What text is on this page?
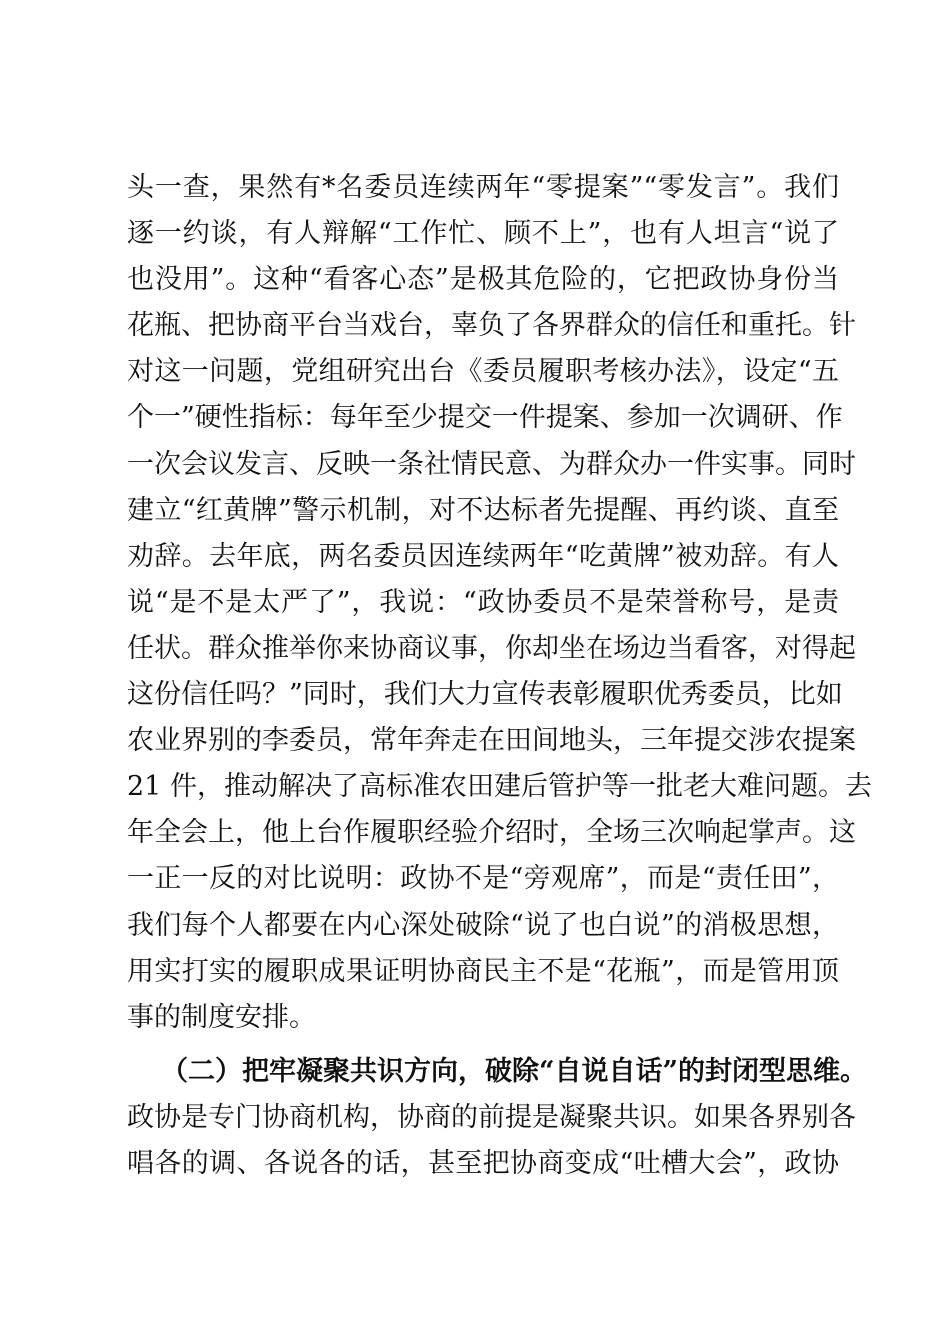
头一查，果然有*名委员连续两年“零提案”“零发言”。我们
逐一约谈，有人辩解“工作忙、顾不上”，也有人坦言“说了
也没用”。这种“看客心态”是极其危险的，它把政协身份当
花瓶、把协商平台当戏台，辜负了各界群众的信任和重托。针
对这一问题，党组研究出台《委员履职考核办法》，设定“五
个一”硬性指标：每年至少提交一件提案、参加一次调研、作
一次会议发言、反映一条社情民意、为群众办一件实事。同时
建立“红黄牌”警示机制，对不达标者先提醒、再约谈、直至
劝辞。去年底，两名委员因连续两年“吃黄牌”被劝辞。有人
说“是不是太严了”，我说：“政协委员不是荣誉称号，是责
任状。群众推举你来协商议事，你却坐在场边当看客，对得起
这份信任吗？”同时，我们大力宣传表彰履职优秀委员，比如
农业界别的李委员，常年奔走在田间地头，三年提交涉农提案
21 件，推动解决了高标准农田建后管护等一批老大难问题。去
年全会上，他上台作履职经验介绍时，全场三次响起掌声。这
一正一反的对比说明：政协不是“旁观席”，而是“责任田”，
我们每个人都要在内心深处破除“说了也白说”的消极思想，
用实打实的履职成果证明协商民主不是“花瓶”，而是管用顶
事的制度安排。
（二）把牢凝聚共识方向，破除“自说自话”的封闭型思维。
政协是专门协商机构，协商的前提是凝聚共识。如果各界别各
唱各的调、各说各的话，甚至把协商变成“吐槽大会”，政协
